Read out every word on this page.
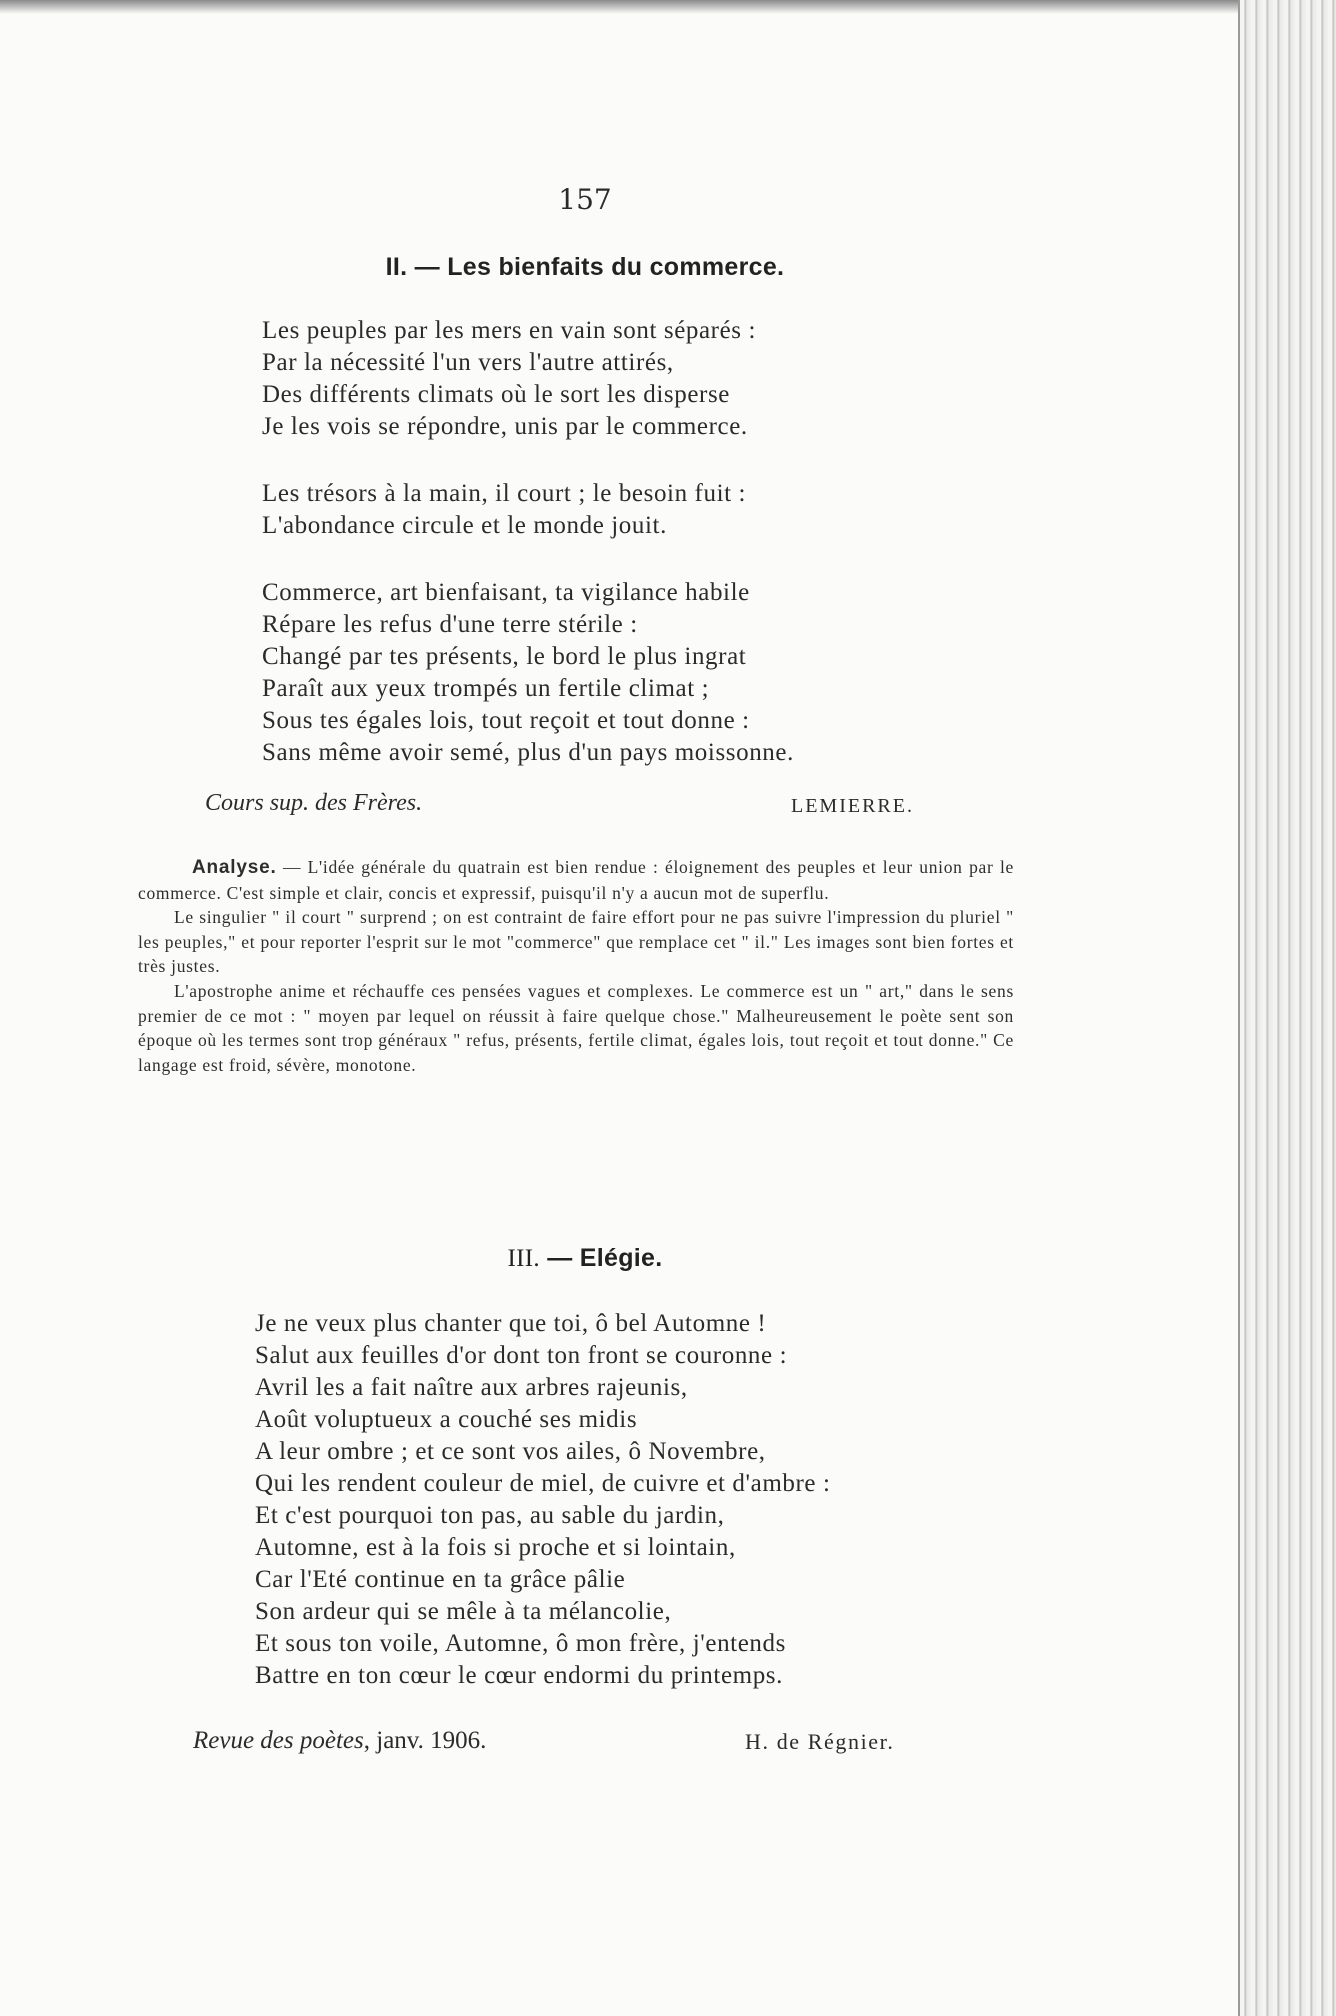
157
II. — Les bienfaits du commerce.
Les peuples par les mers en vain sont séparés :
Par la nécessité l'un vers l'autre attirés,
Des différents climats où le sort les disperse
Je les vois se répondre, unis par le commerce.
Les trésors à la main, il court ; le besoin fuit :
L'abondance circule et le monde jouit.
Commerce, art bienfaisant, ta vigilance habile
Répare les refus d'une terre stérile :
Changé par tes présents, le bord le plus ingrat
Paraît aux yeux trompés un fertile climat ;
Sous tes égales lois, tout reçoit et tout donne :
Sans même avoir semé, plus d'un pays moissonne.
Cours sup. des Frères.	LEMIERRE.

Analyse. — L'idée générale du quatrain est bien rendue : éloignement des peuples et leur union par le commerce. C'est simple et clair, concis et expressif, puisqu'il n'y a aucun mot de superflu.

Le singulier " il court " surprend ; on est contraint de faire effort pour ne pas suivre l'impression du pluriel " les peuples," et pour reporter l'esprit sur le mot "commerce" que remplace cet " il." Les images sont bien fortes et très justes.

L'apostrophe anime et réchauffe ces pensées vagues et complexes. Le commerce est un " art," dans le sens premier de ce mot : " moyen par lequel on réussit à faire quelque chose." Malheureusement le poète sent son époque où les termes sont trop généraux " refus, présents, fertile climat, égales lois, tout reçoit et tout donne." Ce langage est froid, sévère, monotone.

III. — Elégie.
Je ne veux plus chanter que toi, ô bel Automne !
Salut aux feuilles d'or dont ton front se couronne :
Avril les a fait naître aux arbres rajeunis,
Août voluptueux a couché ses midis
A leur ombre ; et ce sont vos ailes, ô Novembre,
Qui les rendent couleur de miel, de cuivre et d'ambre :
Et c'est pourquoi ton pas, au sable du jardin,
Automne, est à la fois si proche et si lointain,
Car l'Eté continue en ta grâce pâlie
Son ardeur qui se mêle à ta mélancolie,
Et sous ton voile, Automne, ô mon frère, j'entends
Battre en ton cœur le cœur endormi du printemps.
Revue des poètes, janv. 1906.	H. de Régnier.
